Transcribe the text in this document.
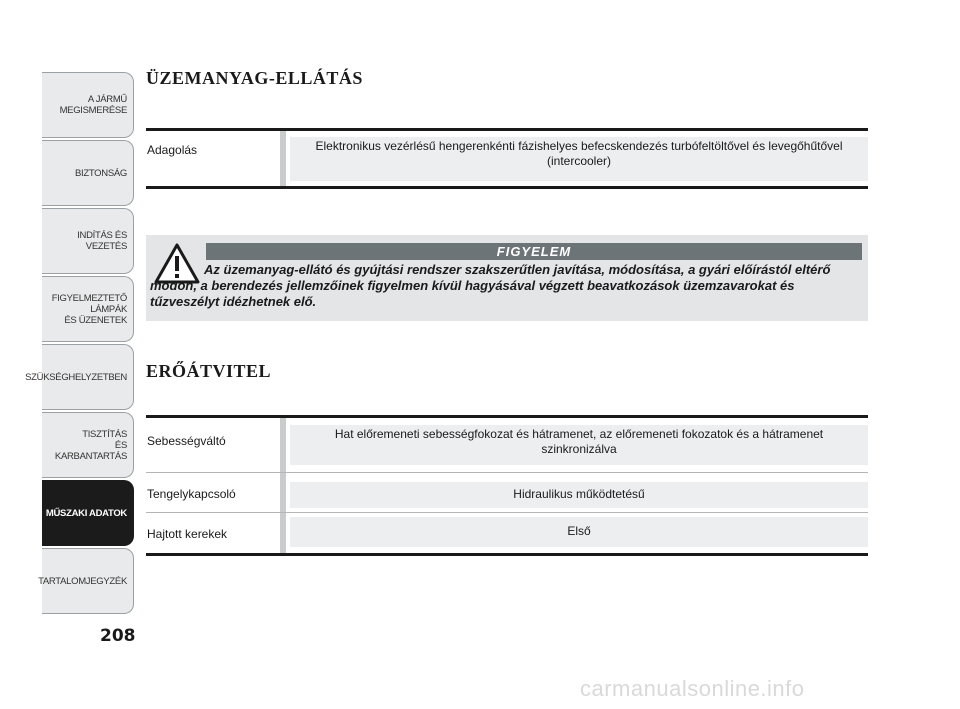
A JÁRMŰ
MEGISMERÉSE
BIZTONSÁG
INDÍTÁS ÉS VEZETÉS
FIGYELMEZTETŐ
LÁMPÁK
ÉS ÜZENETEK
SZÜKSÉGHELYZETBEN
TISZTÍTÁS
ÉS KARBANTARTÁS
MŰSZAKI ADATOK
TARTALOMJEGYZÉK
208
ÜZEMANYAG-ELLÁTÁS
Adagolás	Elektronikus vezérlésű hengerenkénti fázishelyes befecskendezés turbófeltöltővel és levegőhűtővel (intercooler)
FIGYELEM
Az üzemanyag-ellátó és gyújtási rendszer szakszerűtlen javítása, módosítása, a gyári előírástól eltérő módon, a berendezés jellemzőinek figyelmen kívül hagyásával végzett beavatkozások üzemzavarokat és tűzveszélyt idézhetnek elő.
ERŐÁTVITEL
Sebességváltó	Hat előremeneti sebességfokozat és hátramenet, az előremeneti fokozatok és a hátramenet szinkronizálva
Tengelykapcsoló	Hidraulikus működtetésű
Hajtott kerekek	Első
carmanualsonline.info
